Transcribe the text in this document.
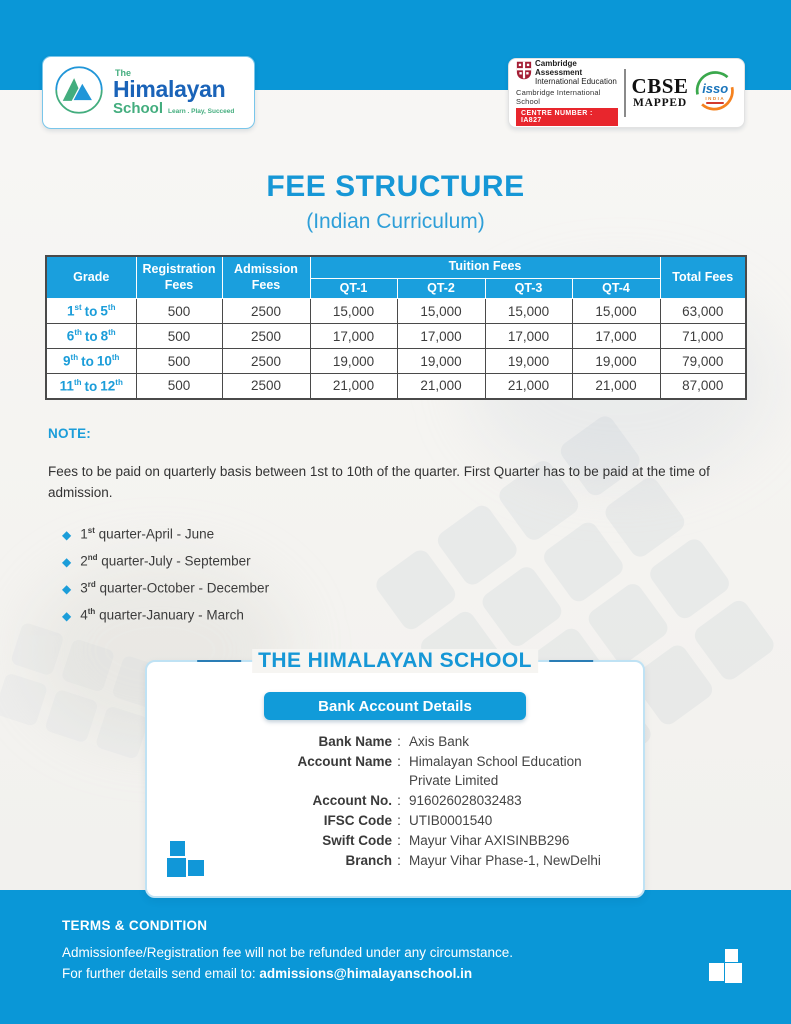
The
Himalayan
School Learn . Play, Succeed
Cambridge Assessment
International Education
Cambridge International School
CENTRE NUMBER : IA827
CBSE
MAPPED
isso
INDIA
FEE STRUCTURE
(Indian Curriculum)
Grade	Registration Fees	Admission Fees	Tuition Fees				Total Fees
			QT-1	QT-2	QT-3	QT-4	
1st to 5th	500	2500	15,000	15,000	15,000	15,000	63,000
6th to 8th	500	2500	17,000	17,000	17,000	17,000	71,000
9th to 10th	500	2500	19,000	19,000	19,000	19,000	79,000
11th to 12th	500	2500	21,000	21,000	21,000	21,000	87,000
NOTE:
Fees to be paid on quarterly basis between 1st to 10th of the quarter. First Quarter has to be paid at the time of admission.
◆ 1st quarter-April - June
◆ 2nd quarter-July - September
◆ 3rd quarter-October - December
◆ 4th quarter-January - March
THE HIMALAYAN SCHOOL
Bank Account Details
Bank Name : Axis Bank
Account Name : Himalayan School Education Private Limited
Account No. : 916026028032483
IFSC Code : UTIB0001540
Swift Code : Mayur Vihar AXISINBB296
Branch : Mayur Vihar Phase-1, NewDelhi
TERMS & CONDITION
Admissionfee/Registration fee will not be refunded under any circumstance.
For further details send email to: admissions@himalayanschool.in
